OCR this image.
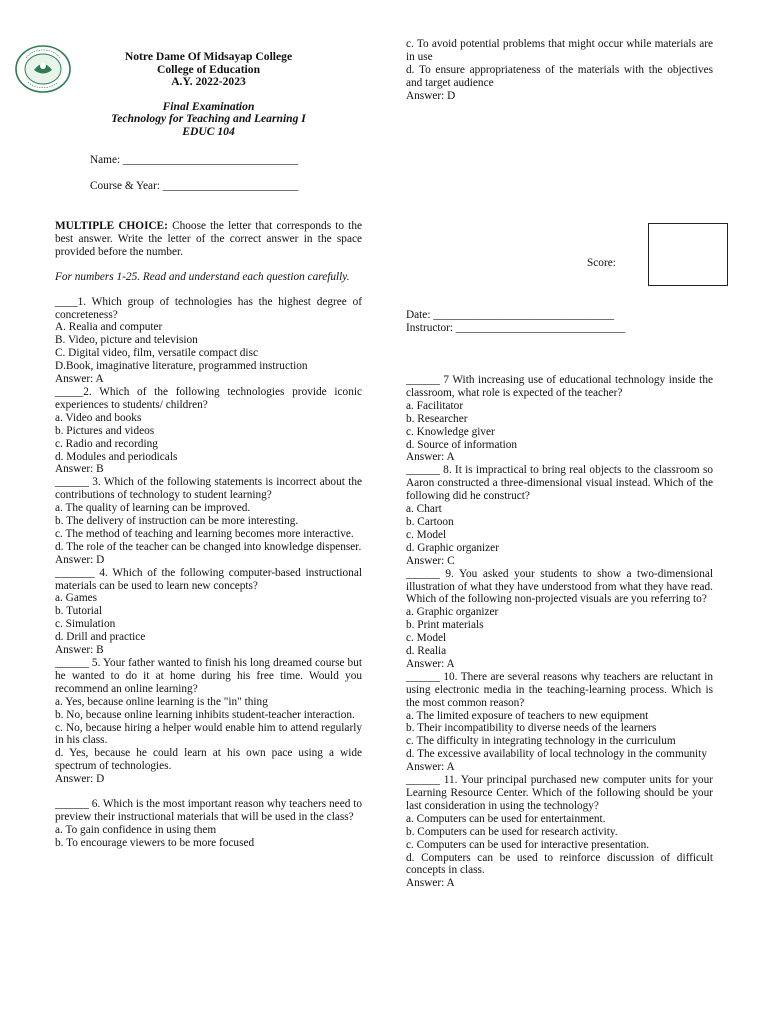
Notre Dame Of Midsayap College

College of Education

A.Y. 2022-2023

Final Examination

Technology for Teaching and Learning I

EDUC 104

Name: _______________________________
Course & Year: ________________________

MULTIPLE CHOICE: Choose the letter that corresponds to the best answer. Write the letter of the correct answer in the space provided before the number.

For numbers 1-25. Read and understand each question carefully.

____1. Which group of technologies has the highest degree of concreteness?

A. Realia and computer

B. Video, picture and television

C. Digital video, film, versatile compact disc

D.Book, imaginative literature, programmed instruction

Answer: A

_____2. Which of the following technologies provide iconic experiences to students/ children?

a. Video and books

b. Pictures and videos

c. Radio and recording

d. Modules and periodicals

Answer: B

______ 3. Which of the following statements is incorrect about the contributions of technology to student learning?

a. The quality of learning can be improved.

b. The delivery of instruction can be more interesting.

c. The method of teaching and learning becomes more interactive.

d. The role of the teacher can be changed into knowledge dispenser.

Answer: D

_______ 4. Which of the following computer-based instructional materials can be used to learn new concepts?

a. Games

b. Tutorial

c. Simulation

d. Drill and practice

Answer: B

______ 5. Your father wanted to finish his long dreamed course but he wanted to do it at home during his free time. Would you recommend an online learning?

a. Yes, because online learning is the "in" thing

b. No, because online learning inhibits student-teacher interaction.

c. No, because hiring a helper would enable him to attend regularly in his class.

d. Yes, because he could learn at his own pace using a wide spectrum of technologies.

Answer: D

______ 6. Which is the most important reason why teachers need to preview their instructional materials that will be used in the class?

a. To gain confidence in using them

b. To encourage viewers to be more focused

c. To avoid potential problems that might occur while materials are in use

d. To ensure appropriateness of the materials with the objectives and target audience

Answer: D

Score:
Date: ________________________________
Instructor: ______________________________

______ 7 With increasing use of educational technology inside the classroom, what role is expected of the teacher?

a. Facilitator

b. Researcher

c. Knowledge giver

d. Source of information

Answer: A

______ 8. It is impractical to bring real objects to the classroom so Aaron constructed a three-dimensional visual instead. Which of the following did he construct?

a. Chart

b. Cartoon

c. Model

d. Graphic organizer

Answer: C

______ 9. You asked your students to show a two-dimensional illustration of what they have understood from what they have read. Which of the following non-projected visuals are you referring to?

a. Graphic organizer

b. Print materials

c. Model

d. Realia

Answer: A

______ 10. There are several reasons why teachers are reluctant in using electronic media in the teaching-learning process. Which is the most common reason?

a. The limited exposure of teachers to new equipment

b. Their incompatibility to diverse needs of the learners

c. The difficulty in integrating technology in the curriculum

d. The excessive availability of local technology in the community

Answer: A

______ 11. Your principal purchased new computer units for your Learning Resource Center. Which of the following should be your last consideration in using the technology?

a. Computers can be used for entertainment.

b. Computers can be used for research activity.

c. Computers can be used for interactive presentation.

d. Computers can be used to reinforce discussion of difficult concepts in class.

Answer: A
